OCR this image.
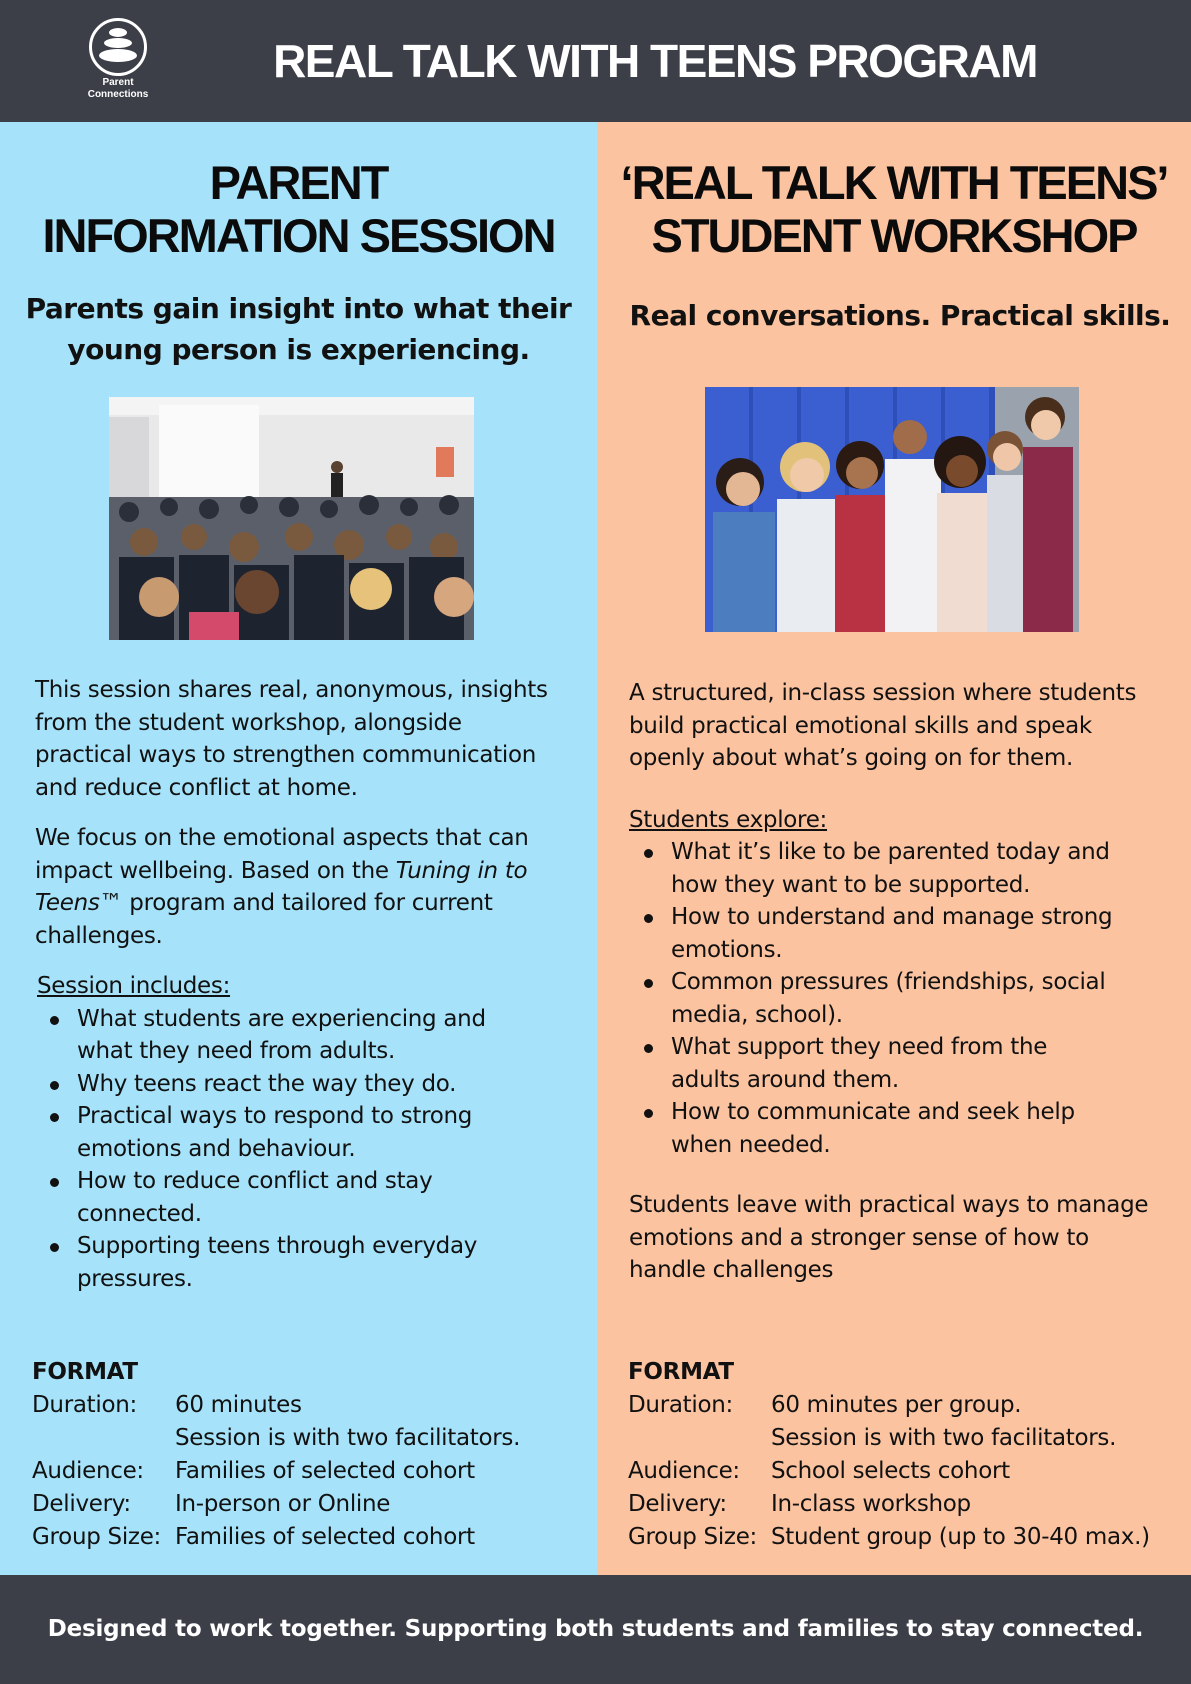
Parent
Connections
REAL TALK WITH TEENS PROGRAM
PARENT
INFORMATION SESSION
Parents gain insight into what their
young person is experiencing.

This session shares real, anonymous, insights from the student workshop, alongside practical ways to strengthen communication and reduce conflict at home.

We focus on the emotional aspects that can impact wellbeing. Based on the Tuning in to Teens™ program and tailored for current challenges.

Session includes:

What students are experiencing and what they need from adults.
Why teens react the way they do.
Practical ways to respond to strong emotions and behaviour.
How to reduce conflict and stay connected.
Supporting teens through everyday pressures.
FORMAT
Duration:	60 minutes
Session is with two facilitators.
Audience:	Families of selected cohort
Delivery:	In-person or Online
Group Size: Families of selected cohort
‘REAL TALK WITH TEENS’
STUDENT WORKSHOP
Real conversations. Practical skills.

A structured, in-class session where students build practical emotional skills and speak openly about what’s going on for them.

Students explore:

What it’s like to be parented today and how they want to be supported.
How to understand and manage strong emotions.
Common pressures (friendships, social media, school).
What support they need from the adults around them.
How to communicate and seek help when needed.

Students leave with practical ways to manage emotions and a stronger sense of how to handle challenges

FORMAT
Duration:	60 minutes per group.
Session is with two facilitators.
Audience:	School selects cohort
Delivery:	In-class workshop
Group Size: Student group (up to 30-40 max.)
Designed to work together. Supporting both students and families to stay connected.
